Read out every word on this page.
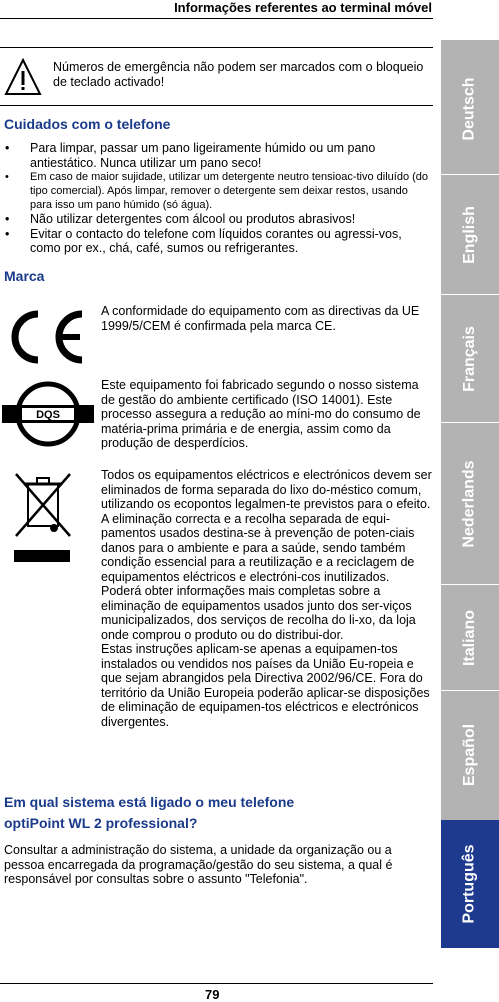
Informações referentes ao terminal móvel
Números de emergência não podem ser marcados com o bloqueio de teclado activado!
Cuidados com o telefone
• Para limpar, passar um pano ligeiramente húmido ou um pano antiestático. Nunca utilizar um pano seco!
• Em caso de maior sujidade, utilizar um detergente neutro tensioac-tivo diluído (do tipo comercial). Após limpar, remover o detergente sem deixar restos, usando para isso um pano húmido (só água).
• Não utilizar detergentes com álcool ou produtos abrasivos!
• Evitar o contacto do telefone com líquidos corantes ou agressi-vos, como por ex., chá, café, sumos ou refrigerantes.
Marca
A conformidade do equipamento com as directivas da UE 1999/5/CEM é confirmada pela marca CE.
DQS
Este equipamento foi fabricado segundo o nosso sistema de gestão do ambiente certificado (ISO 14001). Este processo assegura a redução ao míni-mo do consumo de matéria-prima primária e de energia, assim como da produção de desperdícios.
Todos os equipamentos eléctricos e electrónicos devem ser eliminados de forma separada do lixo do-méstico comum, utilizando os ecopontos legalmen-te previstos para o efeito.
A eliminação correcta e a recolha separada de equi-pamentos usados destina-se à prevenção de poten-ciais danos para o ambiente e para a saúde, sendo também condição essencial para a reutilização e a reciclagem de equipamentos eléctricos e electróni-cos inutilizados.
Poderá obter informações mais completas sobre a eliminação de equipamentos usados junto dos ser-viços municipalizados, dos serviços de recolha do li-xo, da loja onde comprou o produto ou do distribui-dor.
Estas instruções aplicam-se apenas a equipamen-tos instalados ou vendidos nos países da União Eu-ropeia e que sejam abrangidos pela Directiva 2002/96/CE. Fora do território da União Europeia poderão aplicar-se disposições de eliminação de equipamen-tos eléctricos e electrónicos divergentes.
Em qual sistema está ligado o meu telefone
optiPoint WL 2 professional?
Consultar a administração do sistema, a unidade da organização ou a pessoa encarregada da programação/gestão do seu sistema, a qual é responsável por consultas sobre o assunto "Telefonia".
Deutsch
English
Français
Nederlands
Italiano
Español
Português
79
